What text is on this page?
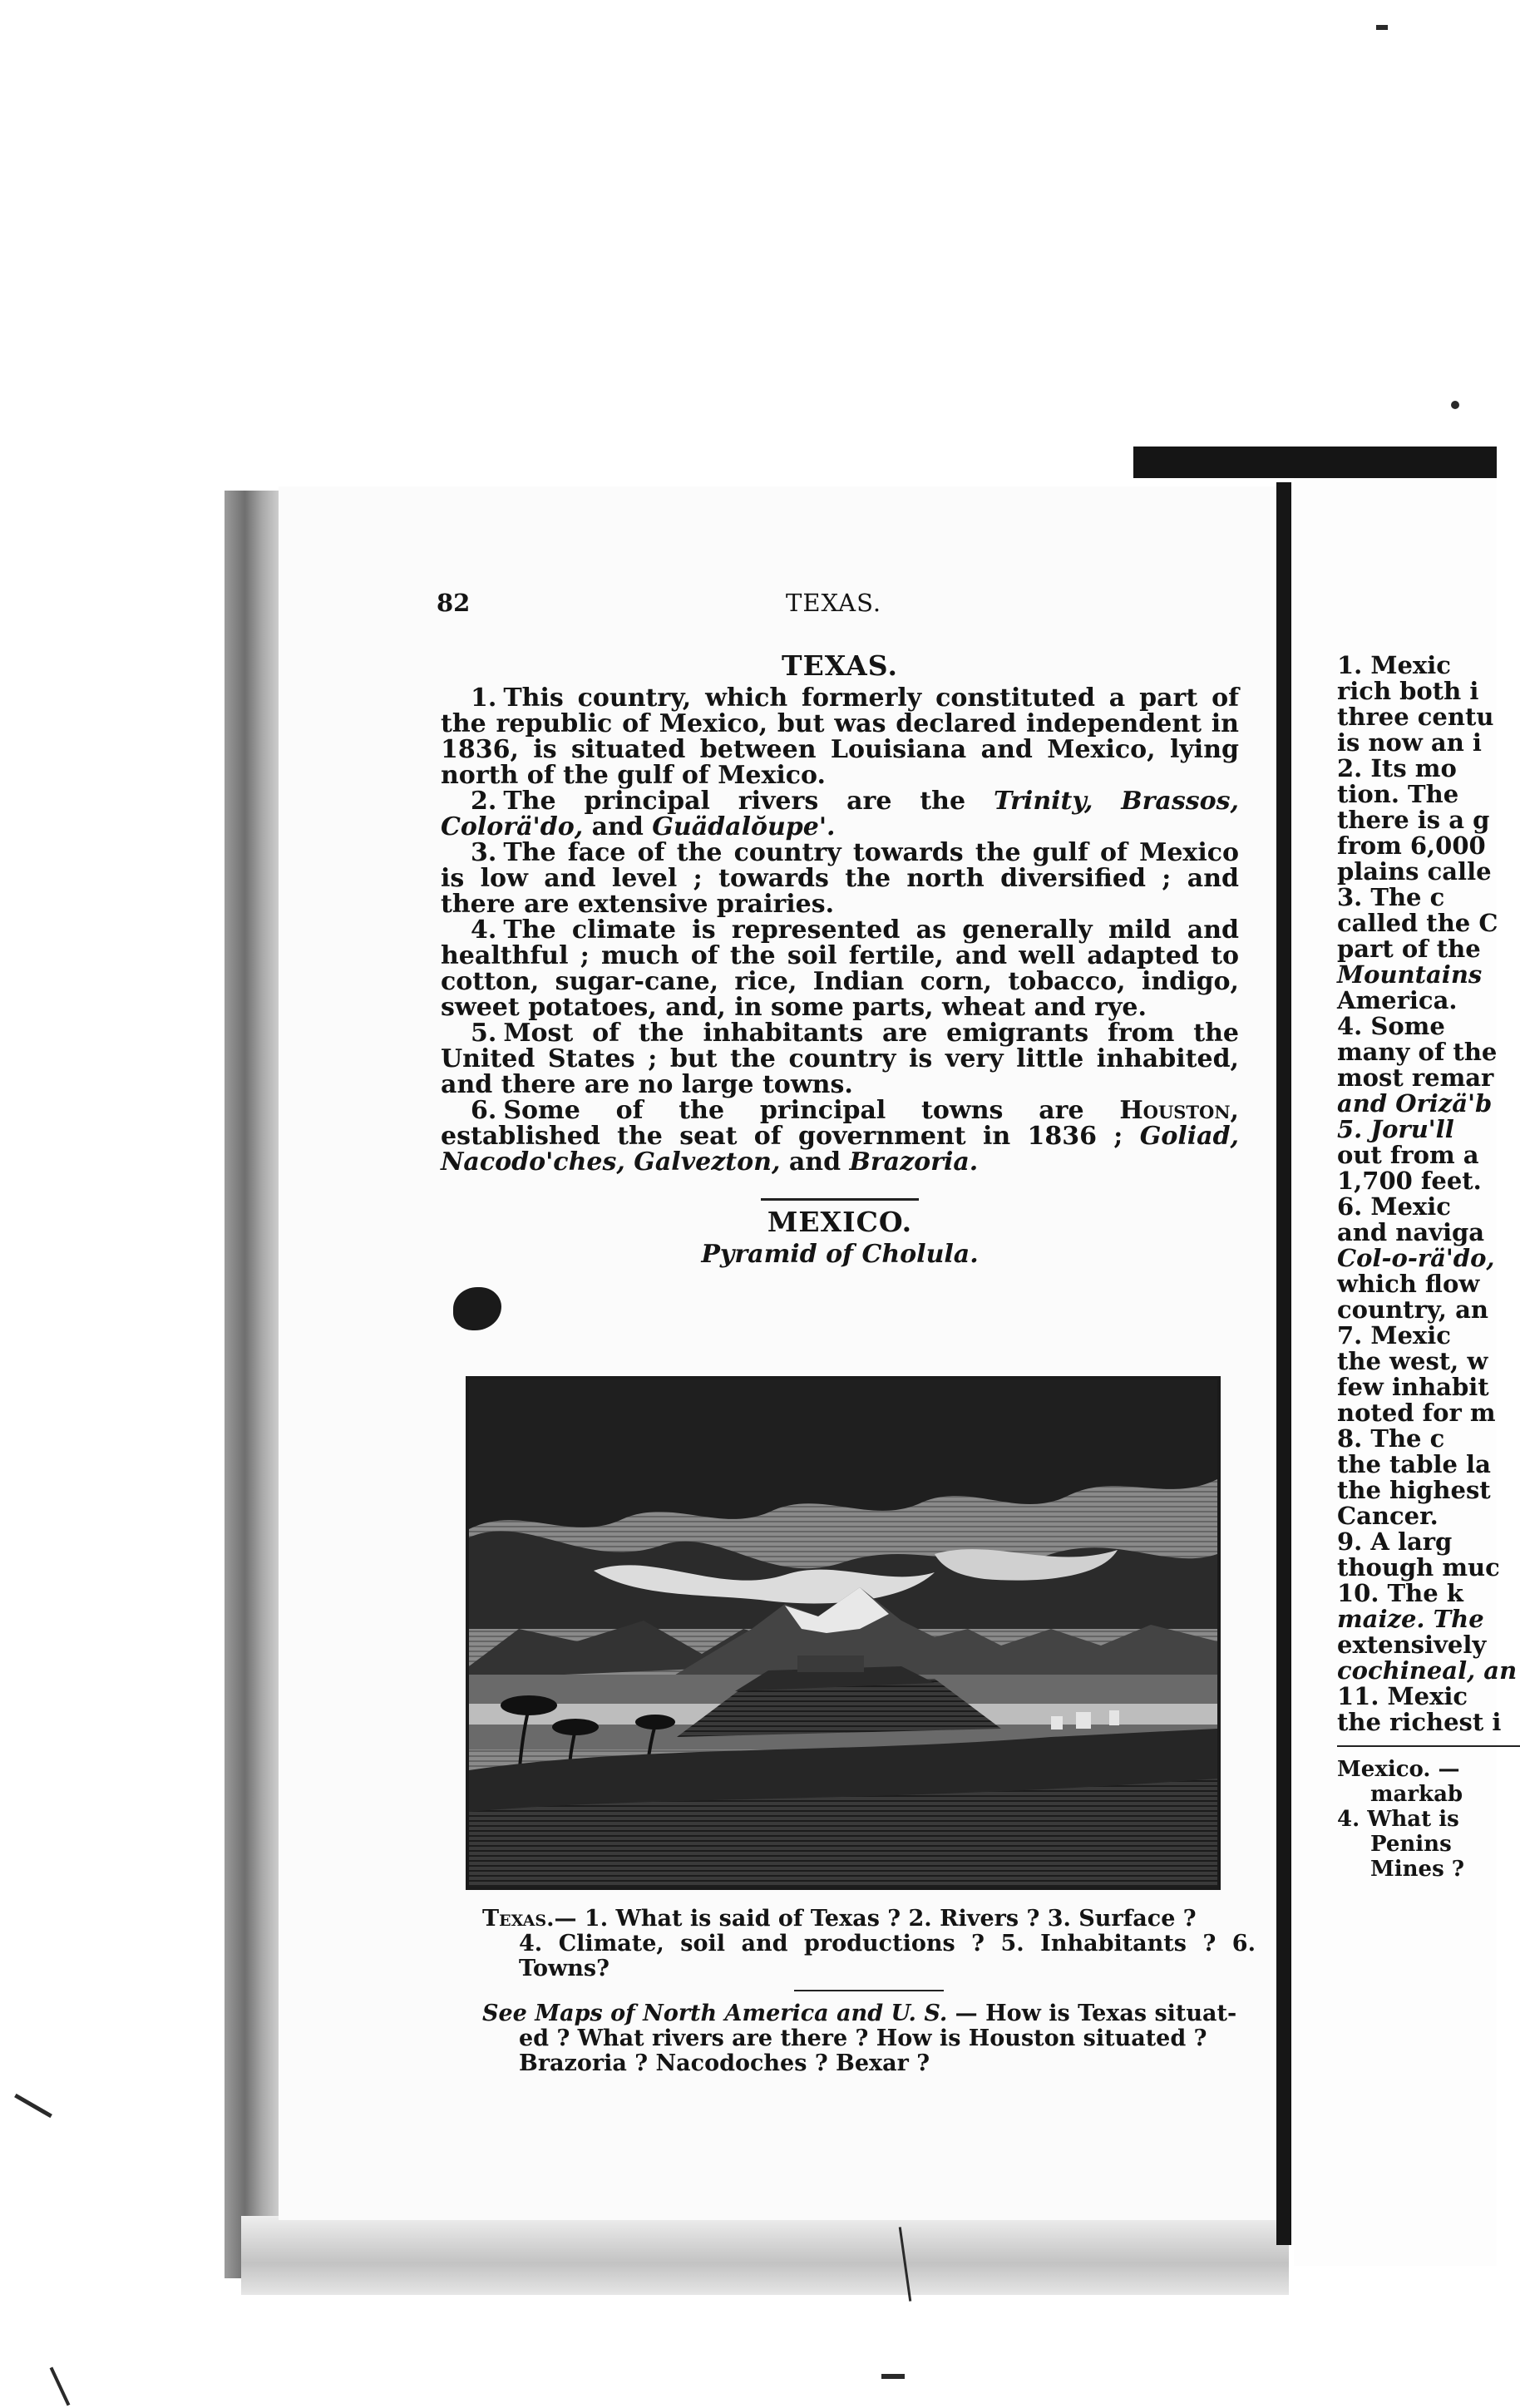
82	TEXAS.
TEXAS.

1. This country, which formerly constituted a part of the republic of Mexico, but was declared independent in 1836, is situated between Louisiana and Mexico, lying north of the gulf of Mexico.

2. The principal rivers are the Trinity, Brassos, Colorä'do, and Guädalŏupe'.

3. The face of the country towards the gulf of Mexico is low and level ; towards the north diversified ; and there are extensive prairies.

4. The climate is represented as generally mild and healthful ; much of the soil fertile, and well adapted to cotton, sugar-cane, rice, Indian corn, tobacco, indigo, sweet potatoes, and, in some parts, wheat and rye.

5. Most of the inhabitants are emigrants from the United States ; but the country is very little inhabited, and there are no large towns.

6. Some of the principal towns are Houston, established the seat of government in 1836 ; Goliad, Nacodo'ches, Galvezton, and Brazoria.

MEXICO.
Pyramid of Cholula.

Texas.— 1. What is said of Texas ? 2. Rivers ? 3. Surface ?

4. Climate, soil and productions ? 5. Inhabitants ? 6. Towns?

See Maps of North America and U. S. — How is Texas situat-

ed ? What rivers are there ? How is Houston situated ?

Brazoria ? Nacodoches ? Bexar ?

1. Mexic

rich both i

three centu

is now an i

2. Its mo

tion. The

there is a g

from 6,000

plains calle

3. The c

called the C

part of the

Mountains

America.

4. Some

many of the

most remar

and Orizä'b

5. Joru'll

out from a

1,700 feet.

6. Mexic

and naviga

Col-o-rä'do,

which flow

country, an

7. Mexic

the west, w

few inhabit

noted for m

8. The c

the table la

the highest

Cancer.

9. A larg

though muc

10. The k

maize. The

extensively

cochineal, an

11. Mexic

the richest i

Mexico. —

markab

4. What is

Penins

Mines ?
